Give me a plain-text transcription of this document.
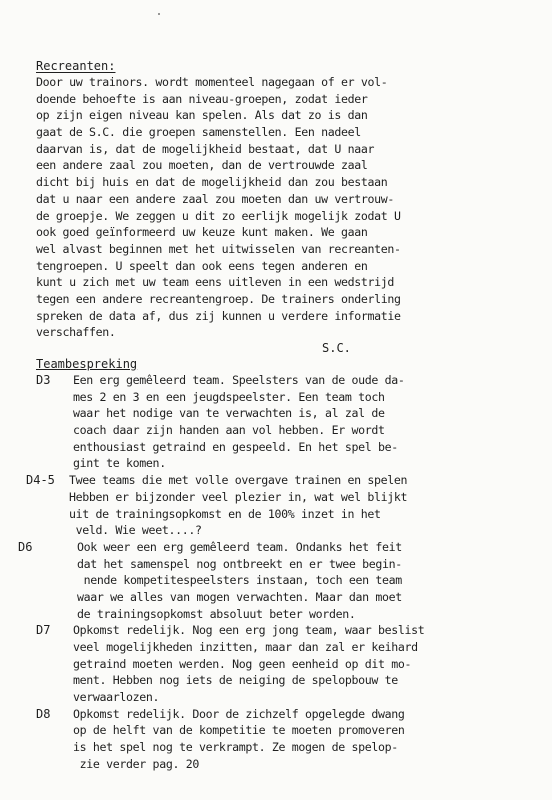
Recreanten:
Door uw trainors. wordt momenteel nagegaan of er vol-
doende behoefte is aan niveau-groepen, zodat ieder
op zijn eigen niveau kan spelen. Als dat zo is dan
gaat de S.C. die groepen samenstellen. Een nadeel
daarvan is, dat de mogelijkheid bestaat, dat U naar
een andere zaal zou moeten, dan de vertrouwde zaal
dicht bij huis en dat de mogelijkheid dan zou bestaan
dat u naar een andere zaal zou moeten dan uw vertrouw-
de groepje. We zeggen u dit zo eerlijk mogelijk zodat U
ook goed geïnformeerd uw keuze kunt maken. We gaan
wel alvast beginnen met het uitwisselen van recreanten-
tengroepen. U speelt dan ook eens tegen anderen en
kunt u zich met uw team eens uitleven in een wedstrijd
tegen een andere recreantengroep. De trainers onderling
spreken de data af, dus zij kunnen u verdere informatie
verschaffen.
S.C.
Teambespreking
D3 Een erg gemêleerd team. Speelsters van de oude da-
mes 2 en 3 en een jeugdspeelster. Een team toch
waar het nodige van te verwachten is, al zal de
coach daar zijn handen aan vol hebben. Er wordt
enthousiast getraind en gespeeld. En het spel be-
gint te komen.
D4-5 Twee teams die met volle overgave trainen en spelen
Hebben er bijzonder veel plezier in, wat wel blijkt
uit de trainingsopkomst en de 100% inzet in het
veld. Wie weet....?
D6	Ook weer een erg gemêleerd team. Ondanks het feit
dat het samenspel nog ontbreekt en er twee begin-
nende kompetitespeelsters instaan, toch een team
waar we alles van mogen verwachten. Maar dan moet
de trainingsopkomst absoluut beter worden.
D7 Opkomst redelijk. Nog een erg jong team, waar beslist
veel mogelijkheden inzitten, maar dan zal er keihard
getraind moeten werden. Nog geen eenheid op dit mo-
ment. Hebben nog iets de neiging de spelopbouw te
verwaarlozen.
D8 Opkomst redelijk. Door de zichzelf opgelegde dwang
op de helft van de kompetitie te moeten promoveren
is het spel nog te verkrampt. Ze mogen de spelop-
zie verder pag. 20
